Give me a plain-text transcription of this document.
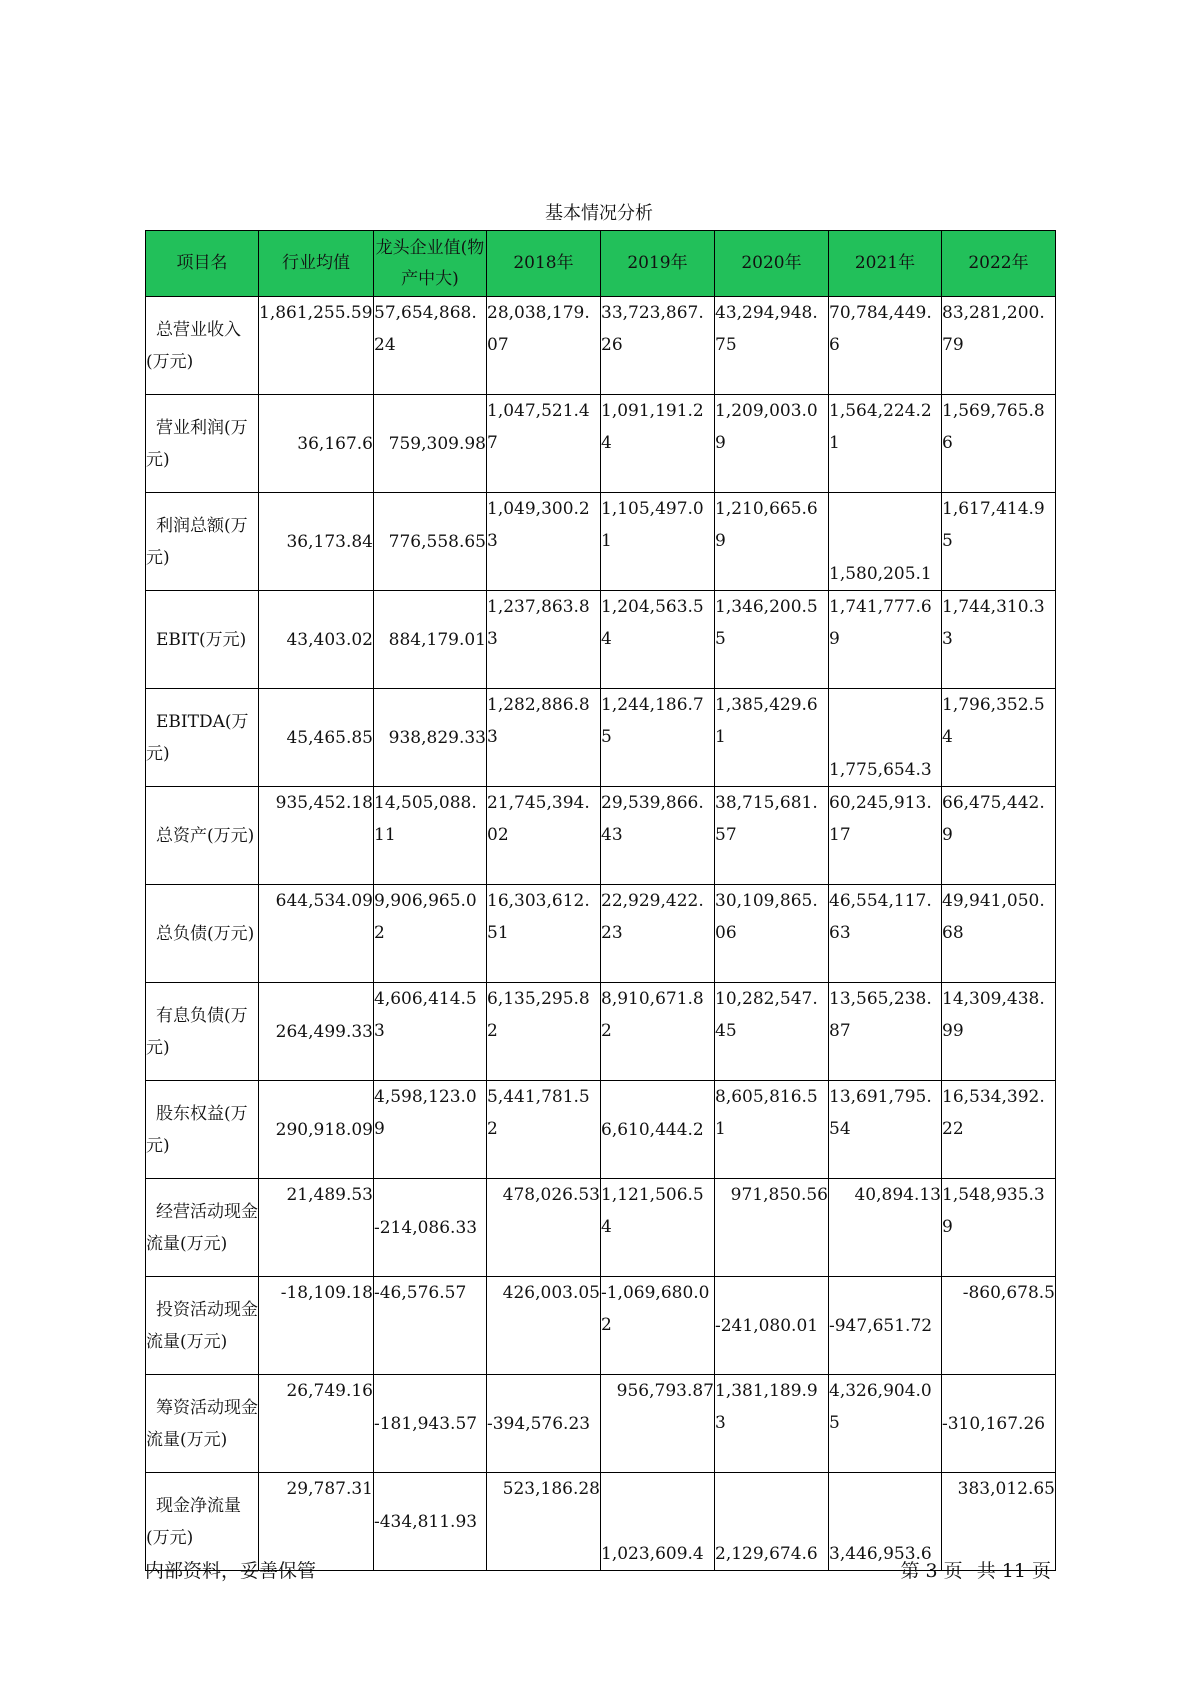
基本情况分析
项目名	行业均值	龙头企业值(物产中大)	2018年	2019年	2020年	2021年	2022年

总营业收入(万元)	1,861,255.59	57,654,868.24	28,038,179.07	33,723,867.26	43,294,948.75	70,784,449.6	83,281,200.79

营业利润(万元)	36,167.6	759,309.98	1,047,521.47	1,091,191.24	1,209,003.09	1,564,224.21	1,569,765.86

利润总额(万元)	36,173.84	776,558.65	1,049,300.23	1,105,497.01	1,210,665.69	1,580,205.1	1,617,414.95

EBIT(万元)	43,403.02	884,179.01	1,237,863.83	1,204,563.54	1,346,200.55	1,741,777.69	1,744,310.33

EBITDA(万元)	45,465.85	938,829.33	1,282,886.83	1,244,186.75	1,385,429.61	1,775,654.3	1,796,352.54

总资产(万元)	935,452.18	14,505,088.11	21,745,394.02	29,539,866.43	38,715,681.57	60,245,913.17	66,475,442.9

总负债(万元)	644,534.09	9,906,965.02	16,303,612.51	22,929,422.23	30,109,865.06	46,554,117.63	49,941,050.68

有息负债(万元)	264,499.33	4,606,414.53	6,135,295.82	8,910,671.82	10,282,547.45	13,565,238.87	14,309,438.99

股东权益(万元)	290,918.09	4,598,123.09	5,441,781.52	6,610,444.2	8,605,816.51	13,691,795.54	16,534,392.22

经营活动现金流量(万元)	21,489.53	-214,086.33	478,026.53	1,121,506.54	971,850.56	40,894.13	1,548,935.39

投资活动现金流量(万元)	-18,109.18	-46,576.57	426,003.05	-1,069,680.02	-241,080.01	-947,651.72	-860,678.5

筹资活动现金流量(万元)	26,749.16	-181,943.57	-394,576.23	956,793.87	1,381,189.93	4,326,904.05	-310,167.26

现金净流量(万元)	29,787.31	-434,811.93	523,186.28	1,023,609.4	2,129,674.6	3,446,953.6	383,012.65
内部资料，妥善保管	第 3 页 共 11 页
